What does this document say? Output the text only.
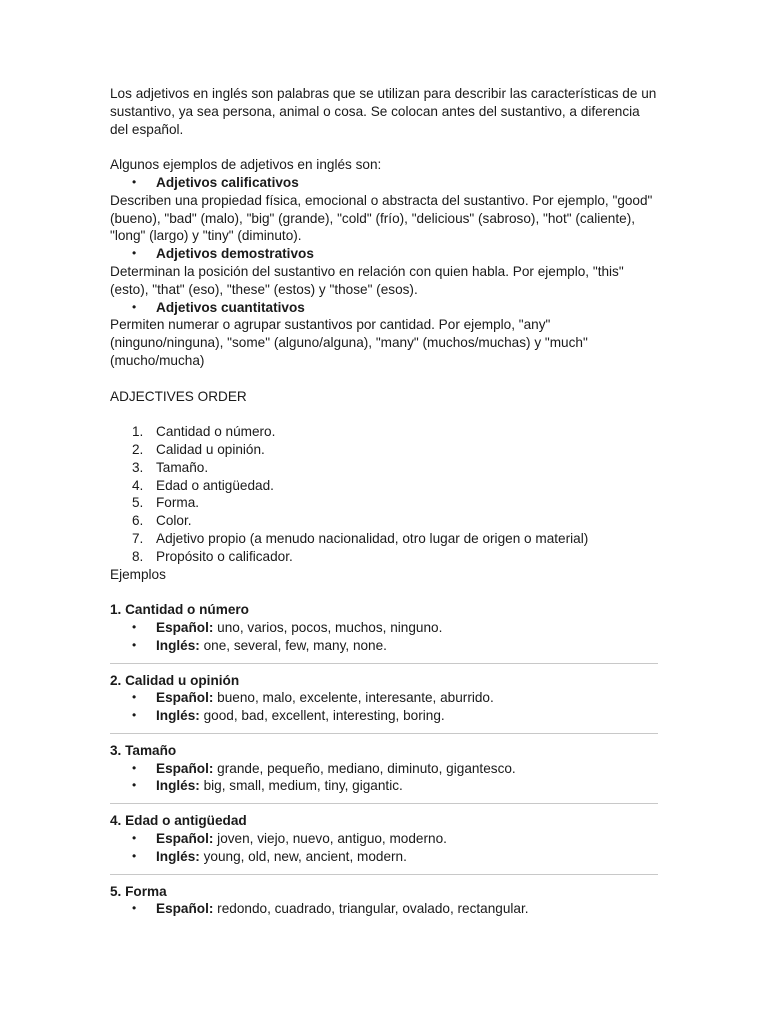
Los adjetivos en inglés son palabras que se utilizan para describir las características de un sustantivo, ya sea persona, animal o cosa. Se colocan antes del sustantivo, a diferencia del español.

Algunos ejemplos de adjetivos en inglés son:

• Adjetivos calificativos

Describen una propiedad física, emocional o abstracta del sustantivo. Por ejemplo, "good" (bueno), "bad" (malo), "big" (grande), "cold" (frío), "delicious" (sabroso), "hot" (caliente), "long" (largo) y "tiny" (diminuto).

• Adjetivos demostrativos

Determinan la posición del sustantivo en relación con quien habla. Por ejemplo, "this" (esto), "that" (eso), "these" (estos) y "those" (esos).

• Adjetivos cuantitativos

Permiten numerar o agrupar sustantivos por cantidad. Por ejemplo, "any" (ninguno/ninguna), "some" (alguno/alguna), "many" (muchos/muchas) y "much" (mucho/mucha)

ADJECTIVES ORDER

1. Cantidad o número.
2. Calidad u opinión.
3. Tamaño.
4. Edad o antigüedad.
5. Forma.
6. Color.
7. Adjetivo propio (a menudo nacionalidad, otro lugar de origen o material)
8. Propósito o calificador.

Ejemplos

1. Cantidad o número

• Español: uno, varios, pocos, muchos, ninguno.
• Inglés: one, several, few, many, none.

2. Calidad u opinión

• Español: bueno, malo, excelente, interesante, aburrido.
• Inglés: good, bad, excellent, interesting, boring.

3. Tamaño

• Español: grande, pequeño, mediano, diminuto, gigantesco.
• Inglés: big, small, medium, tiny, gigantic.

4. Edad o antigüedad

• Español: joven, viejo, nuevo, antiguo, moderno.
• Inglés: young, old, new, ancient, modern.

5. Forma

• Español: redondo, cuadrado, triangular, ovalado, rectangular.
